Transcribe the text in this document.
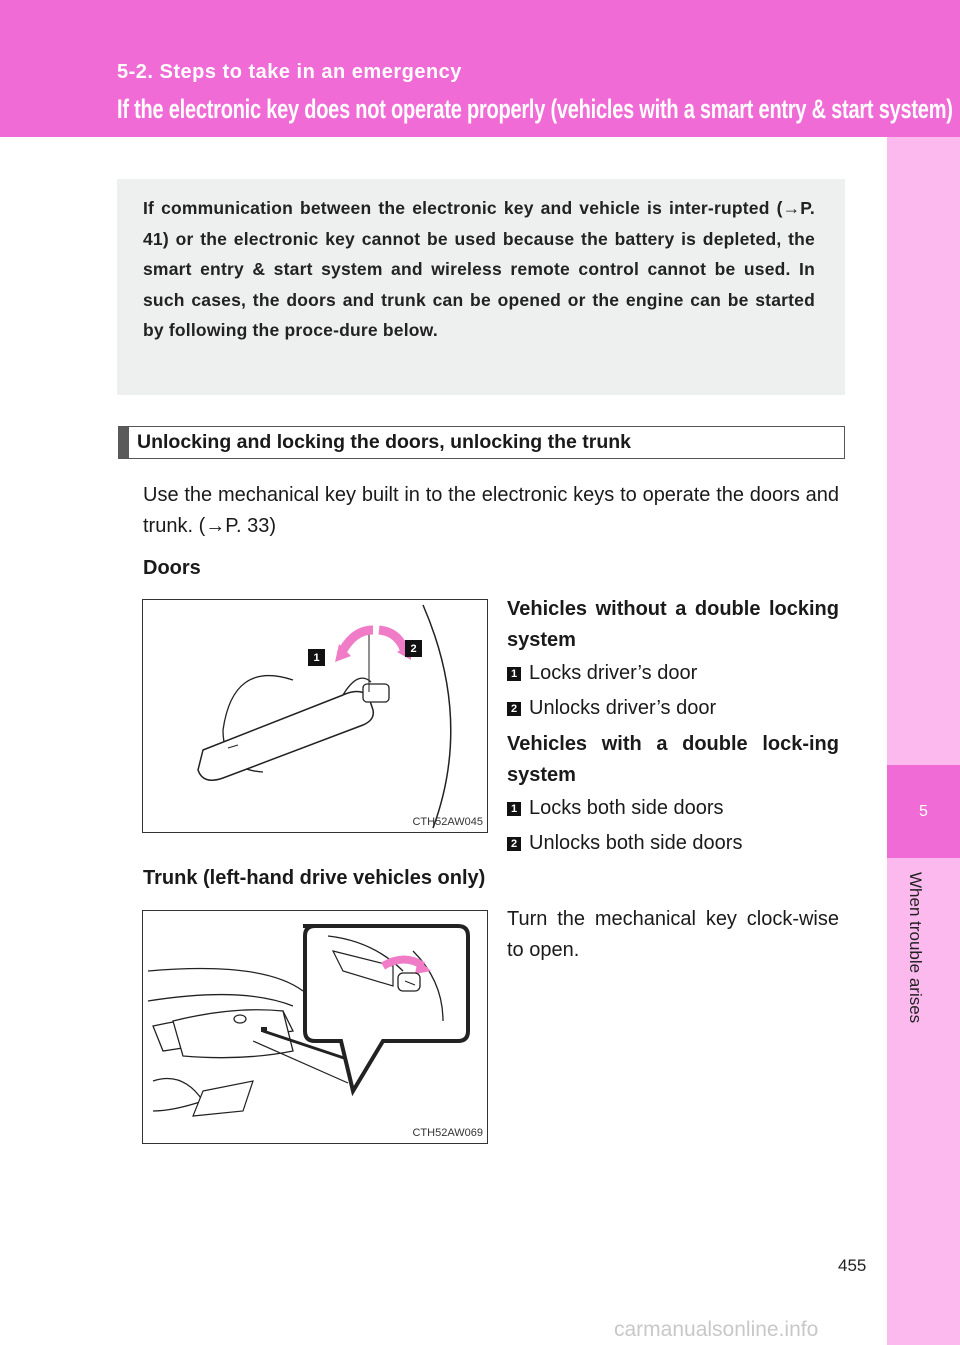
5-2. Steps to take in an emergency
If the electronic key does not operate properly (vehicles with a smart entry & start system)
5
When trouble arises

If communication between the electronic key and vehicle is inter-rupted (→P. 41) or the electronic key cannot be used because the battery is depleted, the smart entry & start system and wireless remote control cannot be used. In such cases, the doors and trunk can be opened or the engine can be started by following the proce-dure below.

Unlocking and locking the doors, unlocking the trunk

Use the mechanical key built in to the electronic keys to operate the doors and trunk. (→P. 33)

Doors
1
2
CTH52AW045

Vehicles without a double locking system

1 Locks driver’s door
2 Unlocks driver’s door

Vehicles with a double lock-ing system

1 Locks both side doors
2 Unlocks both side doors
Trunk (left-hand drive vehicles only)
CTH52AW069

Turn the mechanical key clock-wise to open.

455
carmanualsonline.info
